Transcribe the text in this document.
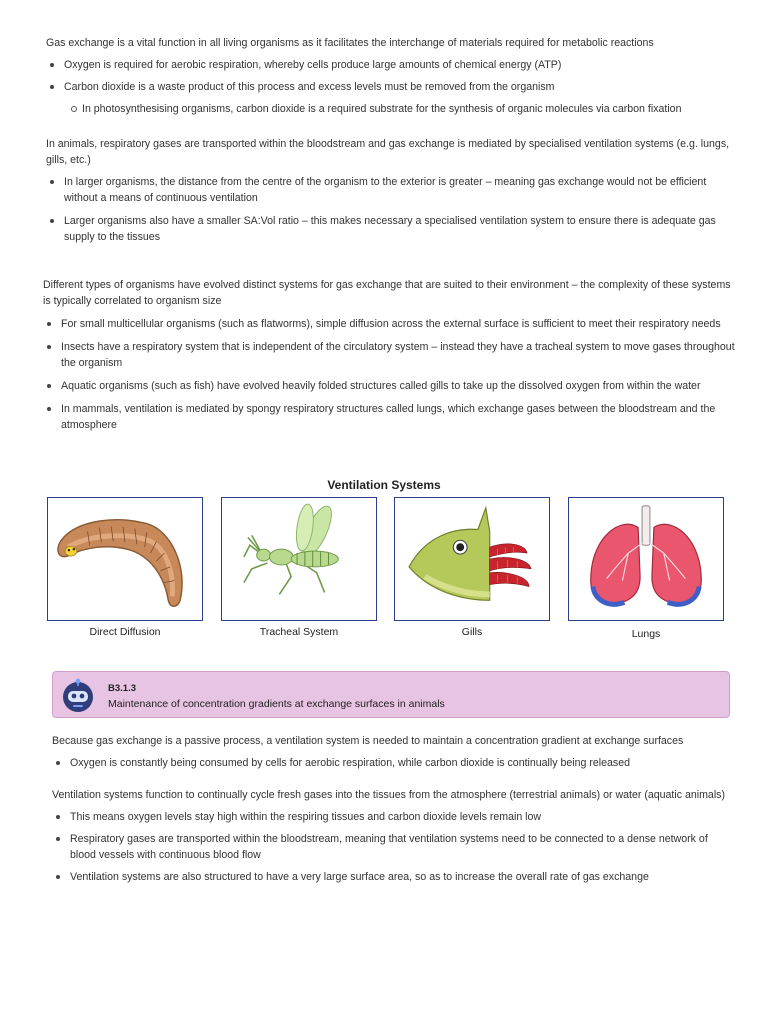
Gas exchange is a vital function in all living organisms as it facilitates the interchange of materials required for metabolic reactions

Oxygen is required for aerobic respiration, whereby cells produce large amounts of chemical energy (ATP)
Carbon dioxide is a waste product of this process and excess levels must be removed from the organism
In photosynthesising organisms, carbon dioxide is a required substrate for the synthesis of organic molecules via carbon fixation

In animals, respiratory gases are transported within the bloodstream and gas exchange is mediated by specialised ventilation systems (e.g. lungs, gills, etc.)

In larger organisms, the distance from the centre of the organism to the exterior is greater – meaning gas exchange would not be efficient without a means of continuous ventilation
Larger organisms also have a smaller SA:Vol ratio – this makes necessary a specialised ventilation system to ensure there is adequate gas supply to the tissues

Different types of organisms have evolved distinct systems for gas exchange that are suited to their environment – the complexity of these systems is typically correlated to organism size

For small multicellular organisms (such as flatworms), simple diffusion across the external surface is sufficient to meet their respiratory needs
Insects have a respiratory system that is independent of the circulatory system – instead they have a tracheal system to move gases throughout the organism
Aquatic organisms (such as fish) have evolved heavily folded structures called gills to take up the dissolved oxygen from within the water
In mammals, ventilation is mediated by spongy respiratory structures called lungs, which exchange gases between the bloodstream and the atmosphere
Ventilation Systems
Direct Diffusion	Tracheal System	Gills	Lungs
B3.1.3
Maintenance of concentration gradients at exchange surfaces in animals

Because gas exchange is a passive process, a ventilation system is needed to maintain a concentration gradient at exchange surfaces

Oxygen is constantly being consumed by cells for aerobic respiration, while carbon dioxide is continually being released

Ventilation systems function to continually cycle fresh gases into the tissues from the atmosphere (terrestrial animals) or water (aquatic animals)

This means oxygen levels stay high within the respiring tissues and carbon dioxide levels remain low
Respiratory gases are transported within the bloodstream, meaning that ventilation systems need to be connected to a dense network of blood vessels with continuous blood flow
Ventilation systems are also structured to have a very large surface area, so as to increase the overall rate of gas exchange
